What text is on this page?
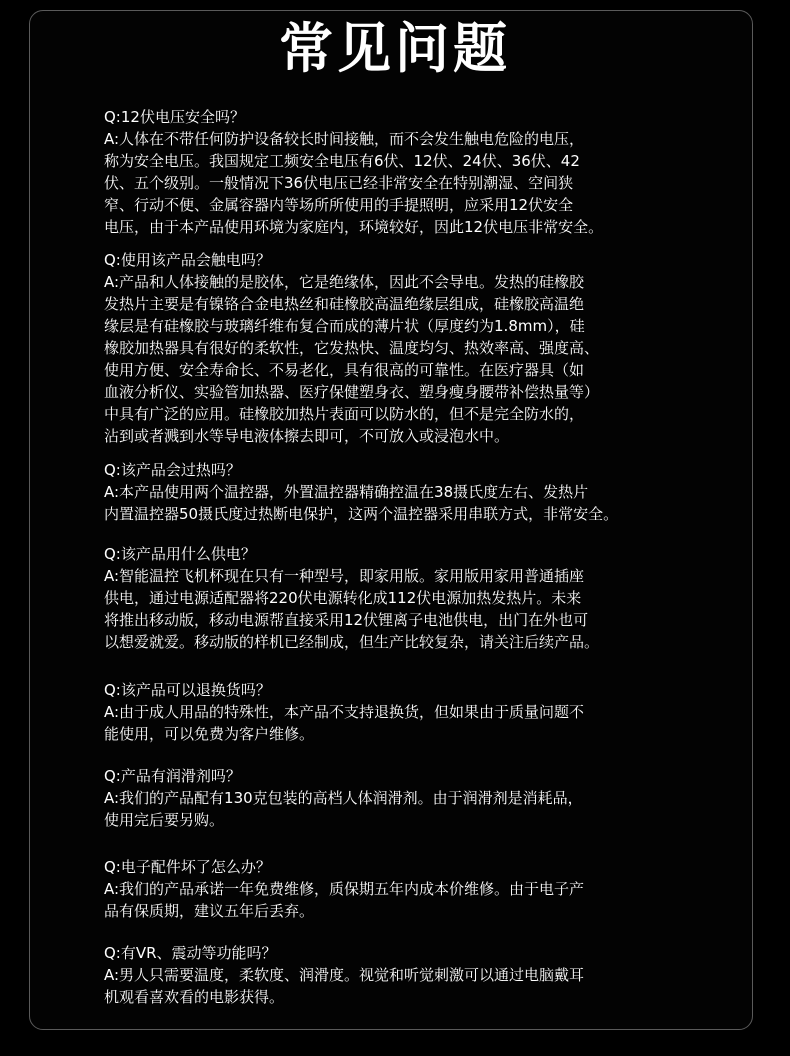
常见问题
Q:12伏电压安全吗？
A:人体在不带任何防护设备较长时间接触，而不会发生触电危险的电压，
称为安全电压。我国规定工频安全电压有6伏、12伏、24伏、36伏、42
伏、五个级别。一般情况下36伏电压已经非常安全在特别潮湿、空间狭
窄、行动不便、金属容器内等场所所使用的手提照明，应采用12伏安全
电压，由于本产品使用环境为家庭内，环境较好，因此12伏电压非常安全。
Q:使用该产品会触电吗？
A:产品和人体接触的是胶体，它是绝缘体，因此不会导电。发热的硅橡胶
发热片主要是有镍铬合金电热丝和硅橡胶高温绝缘层组成，硅橡胶高温绝
缘层是有硅橡胶与玻璃纤维布复合而成的薄片状（厚度约为1.8mm），硅
橡胶加热器具有很好的柔软性，它发热快、温度均匀、热效率高、强度高、
使用方便、安全寿命长、不易老化，具有很高的可靠性。在医疗器具（如
血液分析仪、实验管加热器、医疗保健塑身衣、塑身瘦身腰带补偿热量等）
中具有广泛的应用。硅橡胶加热片表面可以防水的，但不是完全防水的，
沾到或者溅到水等导电液体擦去即可，不可放入或浸泡水中。
Q:该产品会过热吗？
A:本产品使用两个温控器，外置温控器精确控温在38摄氏度左右、发热片
内置温控器50摄氏度过热断电保护，这两个温控器采用串联方式，非常安全。
Q:该产品用什么供电？
A:智能温控飞机杯现在只有一种型号，即家用版。家用版用家用普通插座
供电，通过电源适配器将220伏电源转化成112伏电源加热发热片。未来
将推出移动版，移动电源帮直接采用12伏锂离子电池供电，出门在外也可
以想爱就爱。移动版的样机已经制成，但生产比较复杂，请关注后续产品。
Q:该产品可以退换货吗？
A:由于成人用品的特殊性，本产品不支持退换货，但如果由于质量问题不
能使用，可以免费为客户维修。
Q:产品有润滑剂吗？
A:我们的产品配有130克包装的高档人体润滑剂。由于润滑剂是消耗品，
使用完后要另购。
Q:电子配件坏了怎么办？
A:我们的产品承诺一年免费维修，质保期五年内成本价维修。由于电子产
品有保质期，建议五年后丢弃。
Q:有VR、震动等功能吗？
A:男人只需要温度，柔软度、润滑度。视觉和听觉刺激可以通过电脑戴耳
机观看喜欢看的电影获得。
